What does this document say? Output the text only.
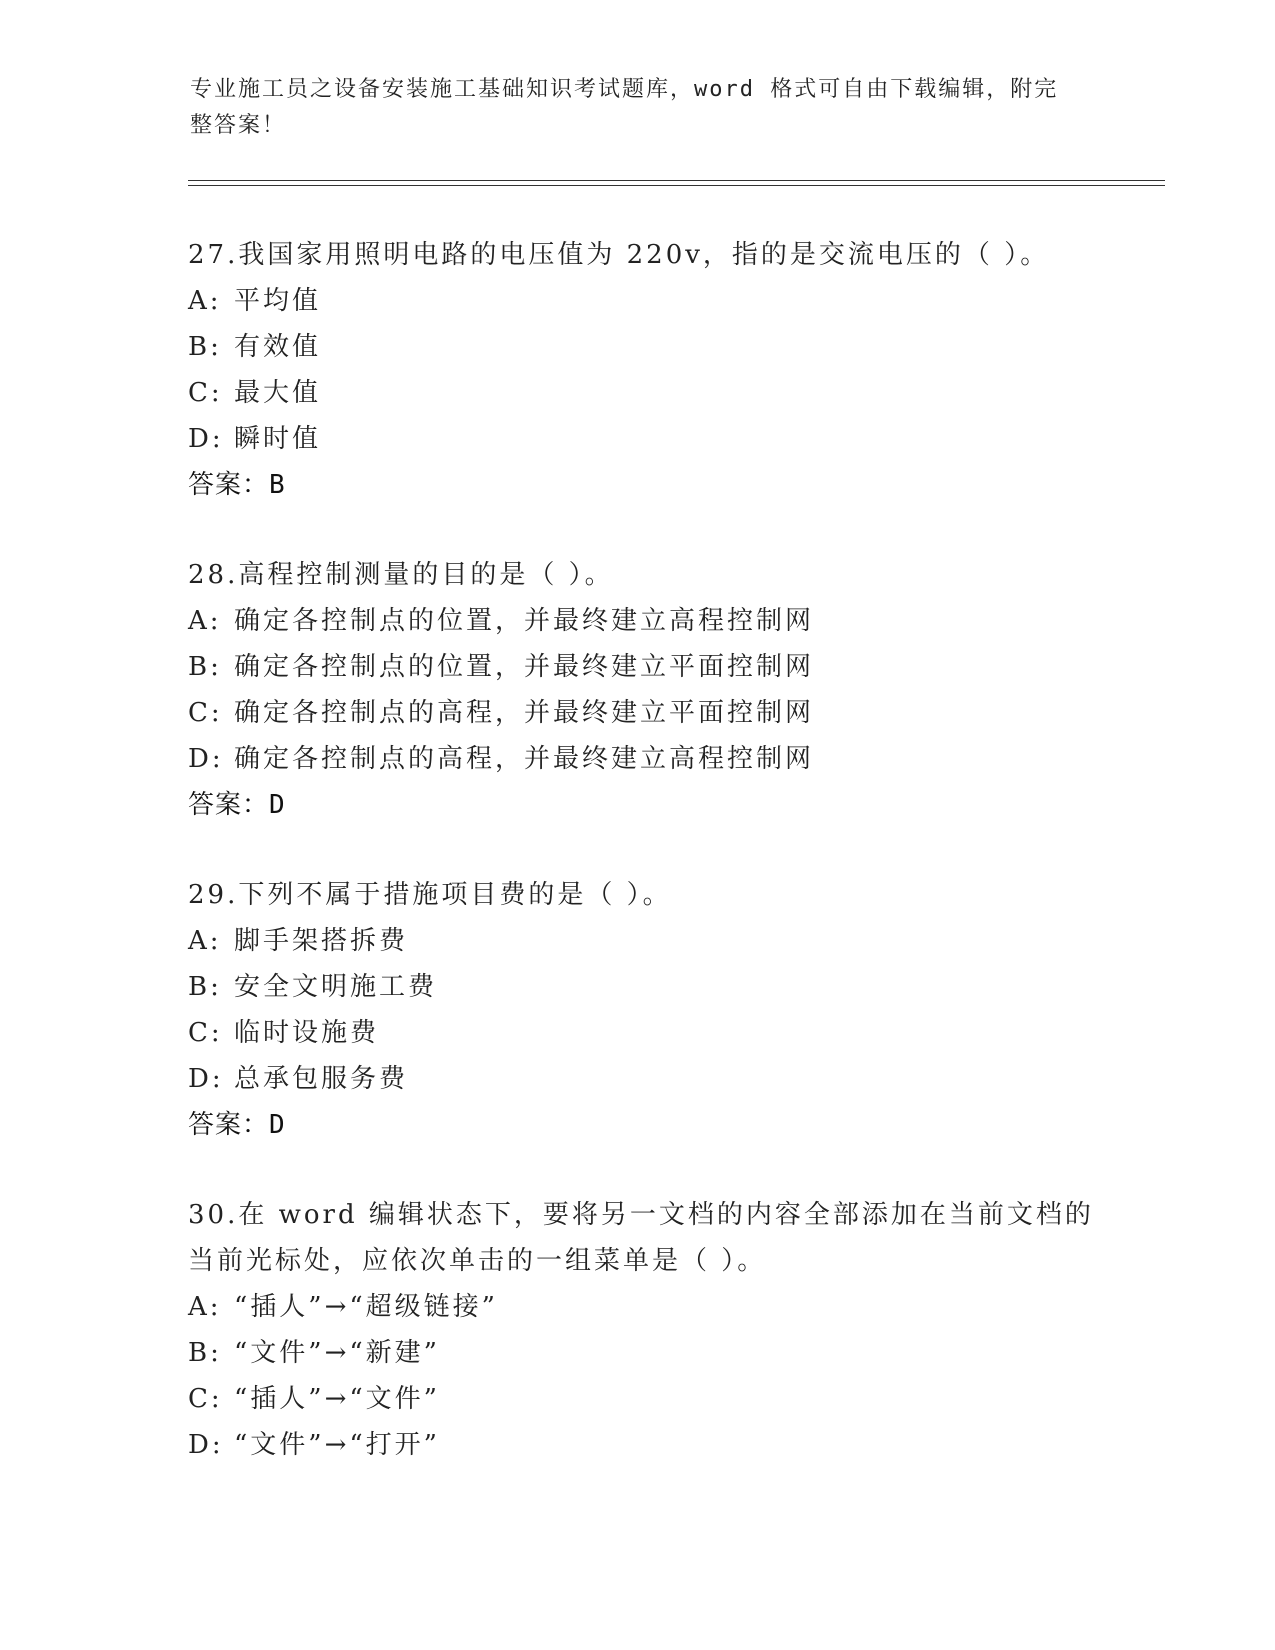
专业施工员之设备安装施工基础知识考试题库，word 格式可自由下载编辑，附完
整答案！

27.我国家用照明电路的电压值为 220v，指的是交流电压的（ ）。

A: 平均值

B: 有效值

C: 最大值

D: 瞬时值

答案：B

28.高程控制测量的目的是（ ）。

A: 确定各控制点的位置，并最终建立高程控制网

B: 确定各控制点的位置，并最终建立平面控制网

C: 确定各控制点的高程，并最终建立平面控制网

D: 确定各控制点的高程，并最终建立高程控制网

答案：D

29.下列不属于措施项目费的是（ ）。

A: 脚手架搭拆费

B: 安全文明施工费

C: 临时设施费

D: 总承包服务费

答案：D

30.在 word 编辑状态下，要将另一文档的内容全部添加在当前文档的
当前光标处，应依次单击的一组菜单是（ ）。

A: “插人”→“超级链接”

B: “文件”→“新建”

C: “插人”→“文件”

D: “文件”→“打开”
